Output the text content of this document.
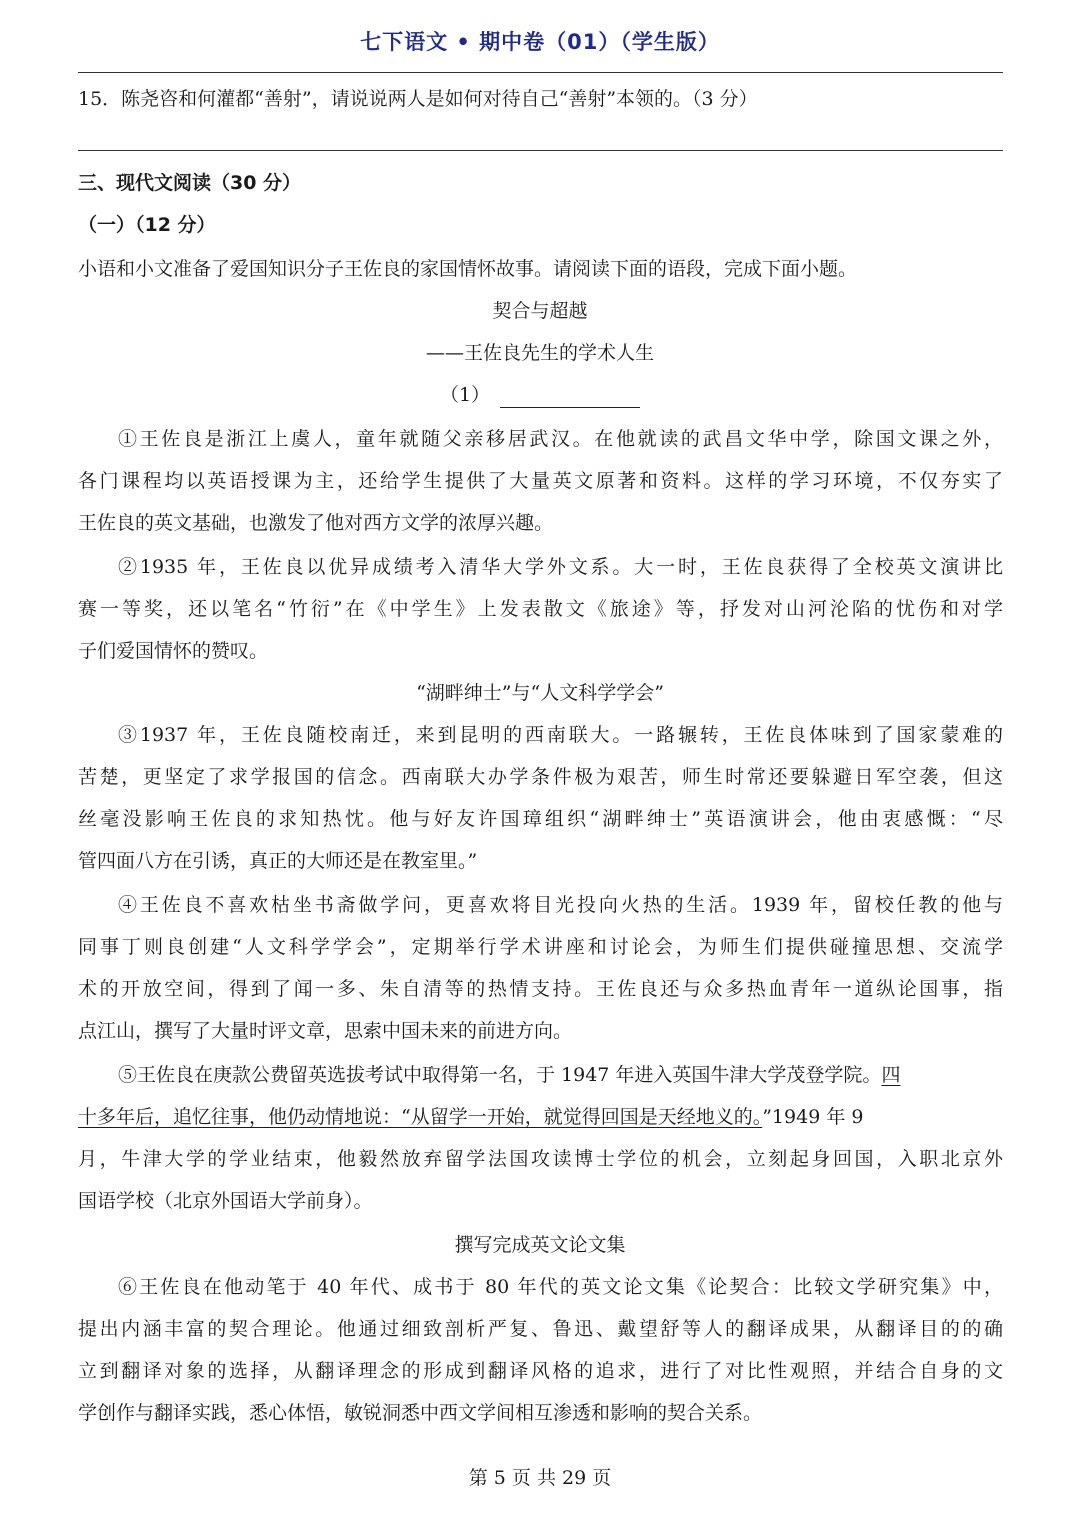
七下语文 • 期中卷（01）（学生版）
15．陈尧咨和何灌都“善射”，请说说两人是如何对待自己“善射”本领的。（3 分）
三、现代文阅读（30 分）
（一）（12 分）
小语和小文准备了爱国知识分子王佐良的家国情怀故事。请阅读下面的语段，完成下面小题。
契合与超越
——王佐良先生的学术人生
（1）
①王佐良是浙江上虞人，童年就随父亲移居武汉。在他就读的武昌文华中学，除国文课之外，
各门课程均以英语授课为主，还给学生提供了大量英文原著和资料。这样的学习环境，不仅夯实了
王佐良的英文基础，也激发了他对西方文学的浓厚兴趣。
②1935 年，王佐良以优异成绩考入清华大学外文系。大一时，王佐良获得了全校英文演讲比
赛一等奖，还以笔名“竹衍”在《中学生》上发表散文《旅途》等，抒发对山河沦陷的忧伤和对学
子们爱国情怀的赞叹。
“湖畔绅士”与“人文科学学会”
③1937 年，王佐良随校南迁，来到昆明的西南联大。一路辗转，王佐良体味到了国家蒙难的
苦楚，更坚定了求学报国的信念。西南联大办学条件极为艰苦，师生时常还要躲避日军空袭，但这
丝毫没影响王佐良的求知热忱。他与好友许国璋组织“湖畔绅士”英语演讲会，他由衷感慨：“尽
管四面八方在引诱，真正的大师还是在教室里。”
④王佐良不喜欢枯坐书斋做学问，更喜欢将目光投向火热的生活。1939 年，留校任教的他与
同事丁则良创建“人文科学学会”，定期举行学术讲座和讨论会，为师生们提供碰撞思想、交流学
术的开放空间，得到了闻一多、朱自清等的热情支持。王佐良还与众多热血青年一道纵论国事，指
点江山，撰写了大量时评文章，思索中国未来的前进方向。
⑤王佐良在庚款公费留英选拔考试中取得第一名，于 1947 年进入英国牛津大学茂登学院。四
十多年后，追忆往事，他仍动情地说：“从留学一开始，就觉得回国是天经地义的。”1949 年 9
月，牛津大学的学业结束，他毅然放弃留学法国攻读博士学位的机会，立刻起身回国，入职北京外
国语学校（北京外国语大学前身）。
撰写完成英文论文集
⑥王佐良在他动笔于 40 年代、成书于 80 年代的英文论文集《论契合：比较文学研究集》中，
提出内涵丰富的契合理论。他通过细致剖析严复、鲁迅、戴望舒等人的翻译成果，从翻译目的的确
立到翻译对象的选择，从翻译理念的形成到翻译风格的追求，进行了对比性观照，并结合自身的文
学创作与翻译实践，悉心体悟，敏锐洞悉中西文学间相互渗透和影响的契合关系。
第 5 页 共 29 页
